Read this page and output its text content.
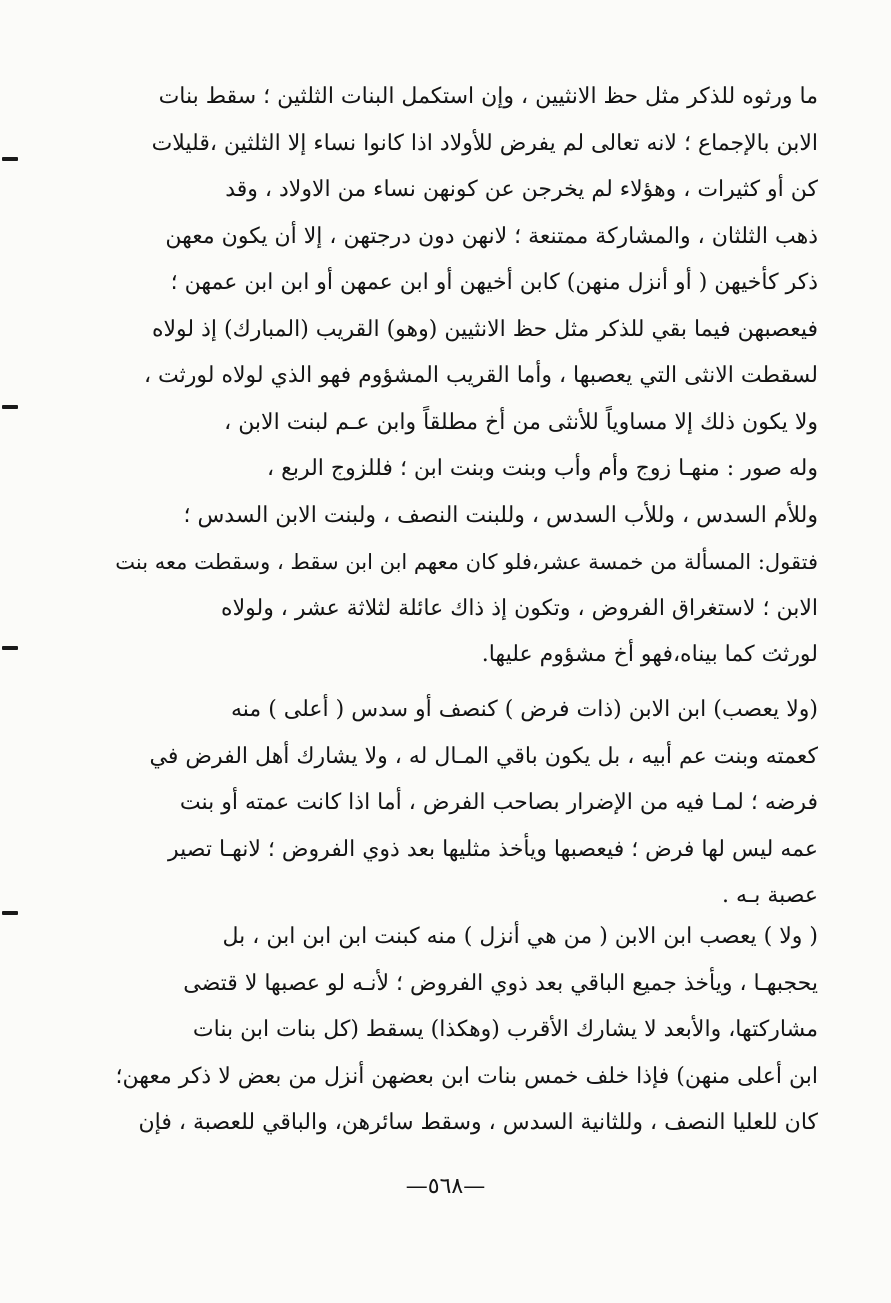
ما ورثوه للذكر مثل حظ الانثيين ، وإن استكمل البنات الثلثين ؛ سقط بنات
الابن بالإجماع ؛ لانه تعالى لم يفرض للأولاد اذا كانوا نساء إلا الثلثين ،قليلات
كن أو كثيرات ، وهؤلاء لم يخرجن عن كونهن نساء من الاولاد ، وقد
ذهب الثلثان ، والمشاركة ممتنعة ؛ لانهن دون درجتهن ، إلا أن يكون معهن
ذكر كأخيهن ( أو أنزل منهن) كابن أخيهن أو ابن عمهن أو ابن ابن عمهن ؛
فيعصبهن فيما بقي للذكر مثل حظ الانثيين (وهو) القريب (المبارك) إذ لولاه
لسقطت الانثى التي يعصبها ، وأما القريب المشؤوم فهو الذي لولاه لورثت ،
ولا يكون ذلك إلا مساوياً للأنثى من أخ مطلقاً وابن عـم لبنت الابن ،
وله صور : منهـا زوج وأم وأب وبنت وبنت ابن ؛ فللزوج الربع ،
وللأم السدس ، وللأب السدس ، وللبنت النصف ، ولبنت الابن السدس ؛
فتقول: المسألة من خمسة عشر،فلو كان معهم ابن ابن سقط ، وسقطت معه بنت
الابن ؛ لاستغراق الفروض ، وتكون إذ ذاك عائلة لثلاثة عشر ، ولولاه
لورثت كما بيناه،فهو أخ مشؤوم عليها.
(ولا يعصب) ابن الابن (ذات فرض ) كنصف أو سدس ( أعلى ) منه
كعمته وبنت عم أبيه ، بل يكون باقي المـال له ، ولا يشارك أهل الفرض في
فرضه ؛ لمـا فيه من الإضرار بصاحب الفرض ، أما اذا كانت عمته أو بنت
عمه ليس لها فرض ؛ فيعصبها ويأخذ مثليها بعد ذوي الفروض ؛ لانهـا تصير
عصبة بـه .
( ولا ) يعصب ابن الابن ( من هي أنزل ) منه كبنت ابن ابن ابن ، بل
يحجبهـا ، ويأخذ جميع الباقي بعد ذوي الفروض ؛ لأنـه لو عصبها لا قتضى
مشاركتها، والأبعد لا يشارك الأقرب (وهكذا) يسقط (كل بنات ابن بنات
ابن أعلى منهن) فإذا خلف خمس بنات ابن بعضهن أنزل من بعض لا ذكر معهن؛
كان للعليا النصف ، وللثانية السدس ، وسقط سائرهن، والباقي للعصبة ، فإن
—٥٦٨—
